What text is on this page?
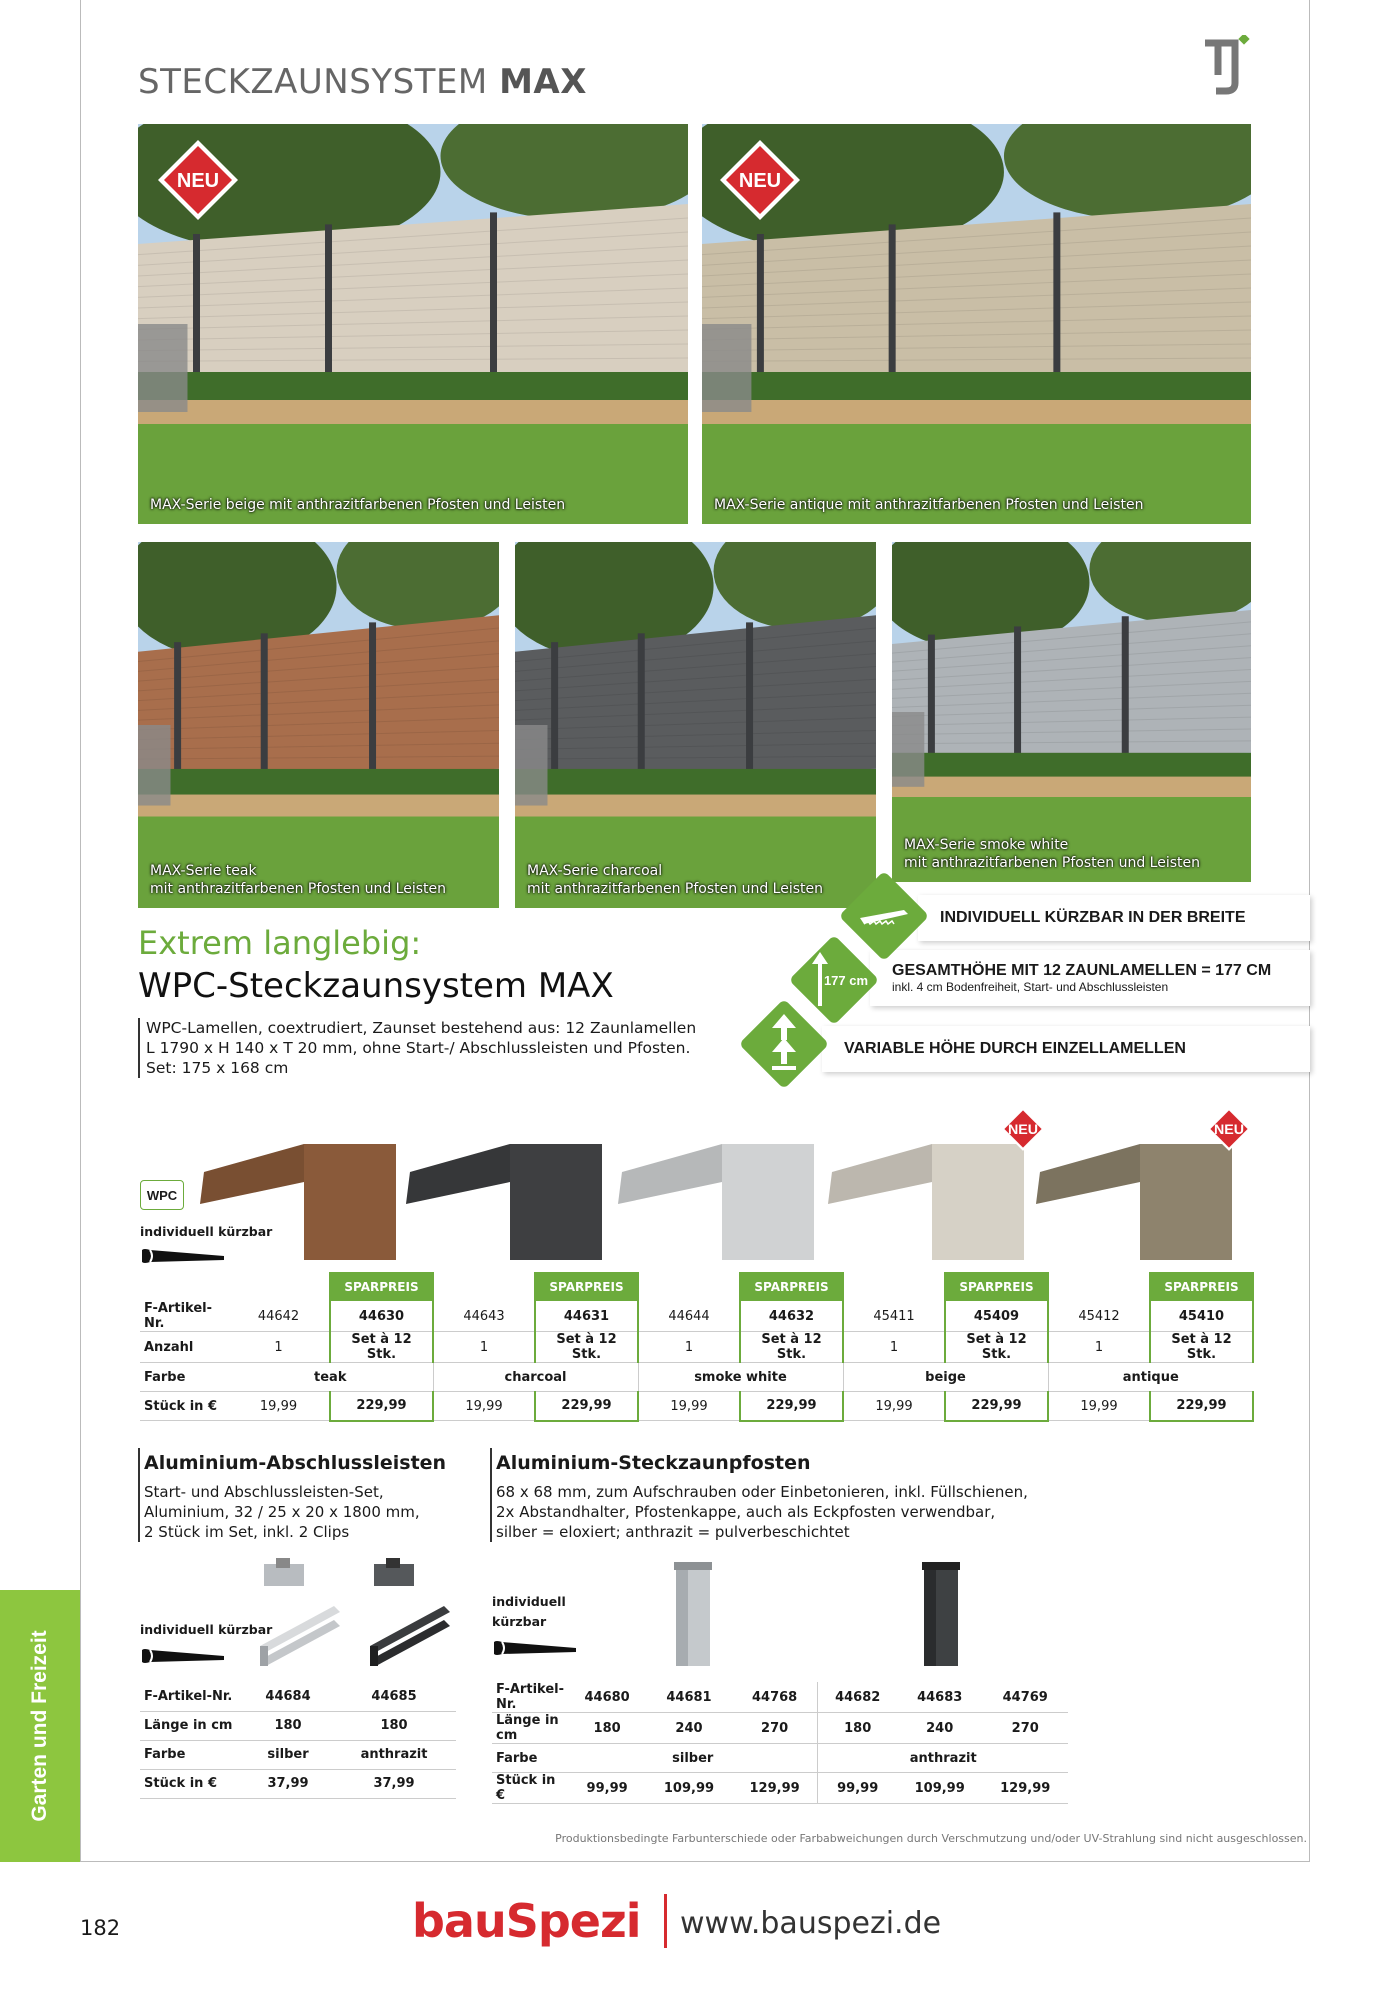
Garten und Freizeit
STECKZAUNSYSTEM MAX
MAX-Serie beige mit anthrazitfarbenen Pfosten und Leisten	MAX-Serie antique mit anthrazitfarbenen Pfosten und Leisten
MAX-Serie teak
mit anthrazitfarbenen Pfosten und Leisten
MAX-Serie charcoal
mit anthrazitfarbenen Pfosten und Leisten
MAX-Serie smoke white
mit anthrazitfarbenen Pfosten und Leisten
NEU	NEU
Extrem langlebig:
WPC-Steckzaunsystem MAX
WPC-Lamellen, coextrudiert, Zaunset bestehend aus: 12 Zaunlamellen
L 1790 x H 140 x T 20 mm, ohne Start-/ Abschlussleisten und Pfosten.
Set: 175 x 168 cm
INDIVIDUELL KÜRZBAR IN DER BREITE
GESAMTHÖHE MIT 12 ZAUNLAMELLEN = 177 CM
inkl. 4 cm Bodenfreiheit, Start- und Abschlussleisten
VARIABLE HÖHE DURCH EINZELLAMELLEN
177 cm
WPC
individuell kürzbar
NEU	NEU
		SPARPREIS		SPARPREIS		SPARPREIS		SPARPREIS		SPARPREIS
F-Artikel-Nr.	44642	44630	44643	44631	44644	44632	45411	45409	45412	45410
Anzahl	1	Set à 12 Stk.	1	Set à 12 Stk.	1	Set à 12 Stk.	1	Set à 12 Stk.	1	Set à 12 Stk.
Farbe	teak		charcoal		smoke white		beige		antique	
Stück in €	19,99	229,99	19,99	229,99	19,99	229,99	19,99	229,99	19,99	229,99
Aluminium-Abschlussleisten
Start- und Abschlussleisten-Set,
Aluminium, 32 / 25 x 20 x 1800 mm,
2 Stück im Set, inkl. 2 Clips
individuell kürzbar
F-Artikel-Nr.	44684	44685
Länge in cm	180	180
Farbe	silber	anthrazit
Stück in €	37,99	37,99
Aluminium-Steckzaunpfosten
68 x 68 mm, zum Aufschrauben oder Einbetonieren, inkl. Füllschienen,
2x Abstandhalter, Pfostenkappe, auch als Eckpfosten verwendbar,
silber = eloxiert; anthrazit = pulverbeschichtet
individuell
kürzbar
F-Artikel-Nr.	44680	44681	44768	44682	44683	44769
Länge in cm	180	240	270	180	240	270
Farbe	silber			anthrazit		
Stück in €	99,99	109,99	129,99	99,99	109,99	129,99
Produktionsbedingte Farbunterschiede oder Farbabweichungen durch Verschmutzung und/oder UV-Strahlung sind nicht ausgeschlossen.
182	bauSpezi www.bauspezi.de
